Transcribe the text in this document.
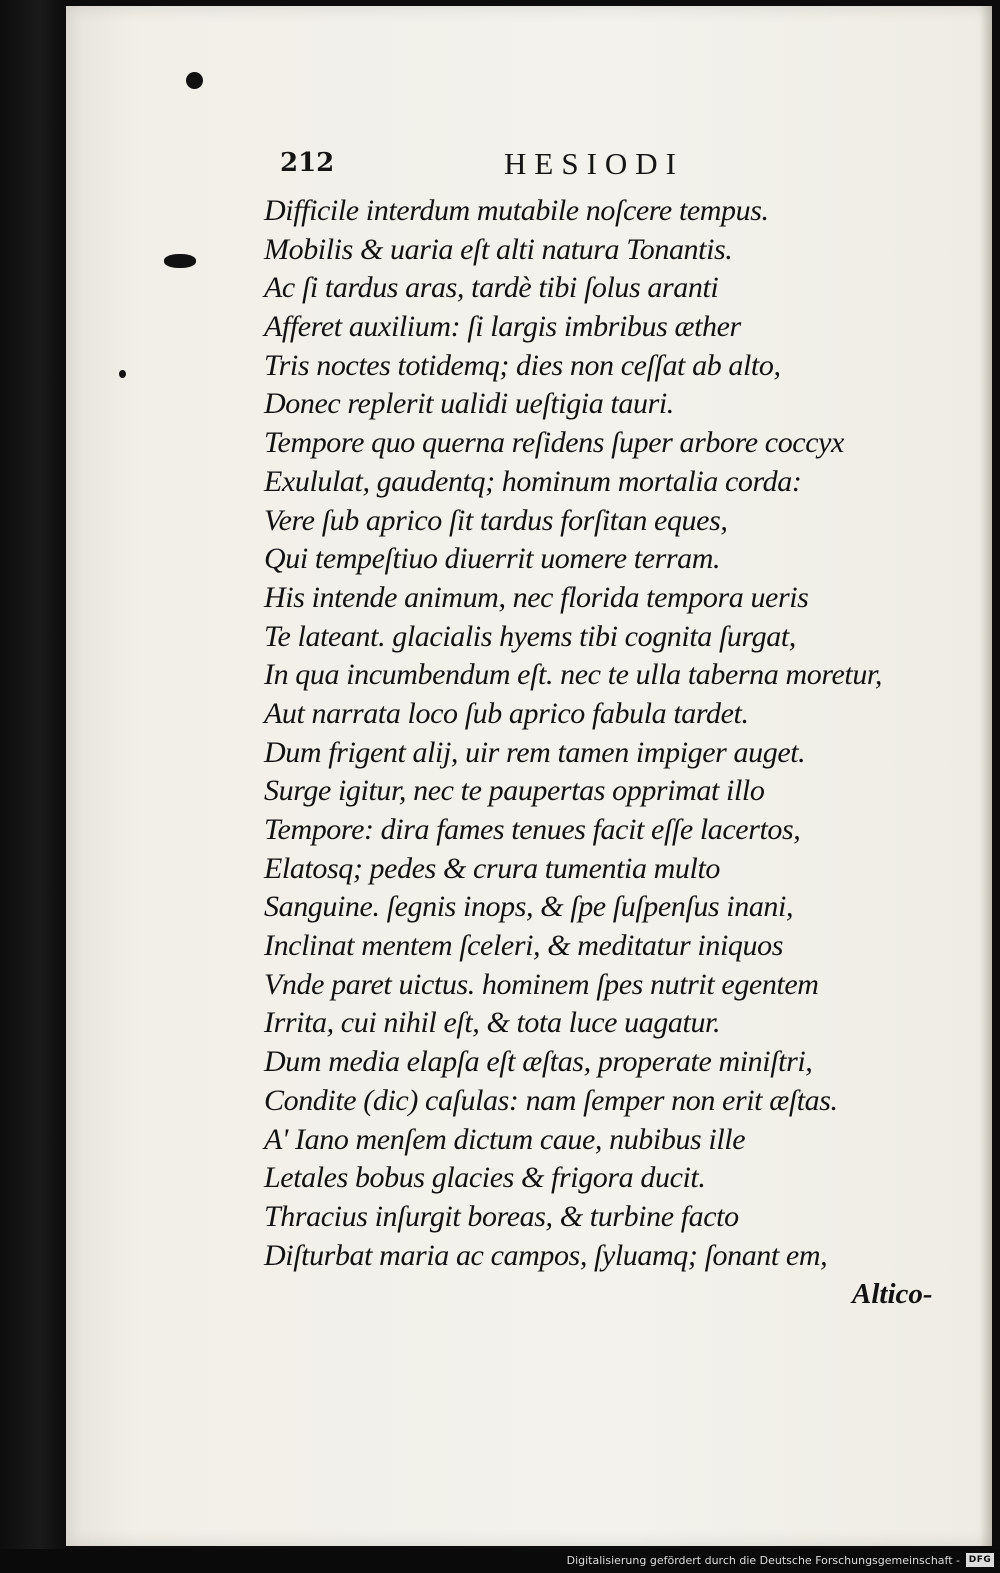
212	HESIODI
Difficile interdum mutabile noſcere tempus.
Mobilis & uaria eſt alti natura Tonantis.
Ac ſi tardus aras, tardè tibi ſolus aranti
Afferet auxilium: ſi largis imbribus æther
Tris noctes totidemq; dies non ceſſat ab alto,
Donec replerit ualidi ueſtigia tauri.
Tempore quo querna reſidens ſuper arbore coccyx
Exululat, gaudentq; hominum mortalia corda:
Vere ſub aprico ſit tardus forſitan eques,
Qui tempeſtiuo diuerrit uomere terram.
His intende animum, nec florida tempora ueris
Te lateant. glacialis hyems tibi cognita ſurgat,
In qua incumbendum eſt. nec te ulla taberna moretur,
Aut narrata loco ſub aprico fabula tardet.
Dum frigent alij, uir rem tamen impiger auget.
Surge igitur, nec te paupertas opprimat illo
Tempore: dira fames tenues facit eſſe lacertos,
Elatosq; pedes & crura tumentia multo
Sanguine. ſegnis inops, & ſpe ſuſpenſus inani,
Inclinat mentem ſceleri, & meditatur iniquos
Vnde paret uictus. hominem ſpes nutrit egentem
Irrita, cui nihil eſt, & tota luce uagatur.
Dum media elapſa eſt æſtas, properate miniſtri,
Condite (dic) caſulas: nam ſemper non erit æſtas.
A' Iano menſem dictum caue, nubibus ille
Letales bobus glacies & frigora ducit.
Thracius inſurgit boreas, & turbine facto
Diſturbat maria ac campos, ſyluamq; ſonant em,
Altico-
Digitalisierung gefördert durch die Deutsche Forschungsgemeinschaft - DFG
